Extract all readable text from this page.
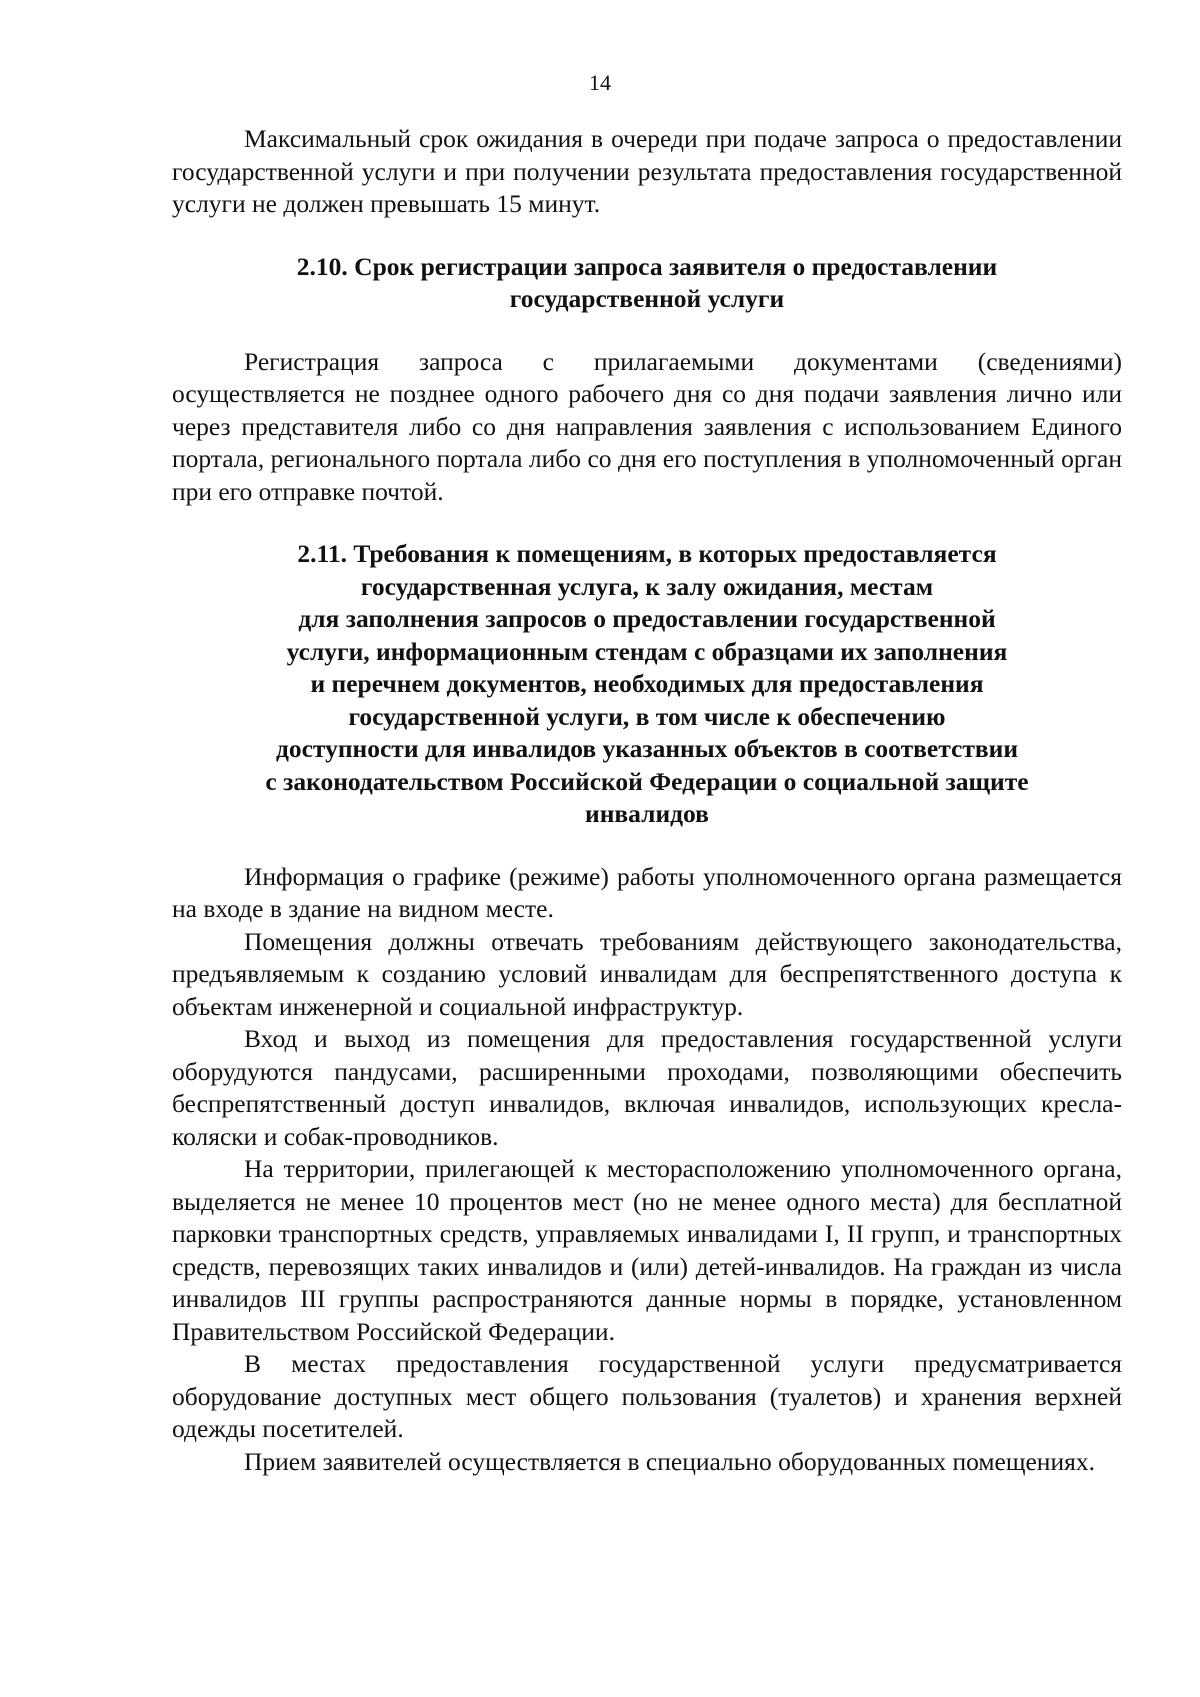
14

Максимальный срок ожидания в очереди при подаче запроса о предоставлении государственной услуги и при получении результата предоставления государственной услуги не должен превышать 15 минут.

2.10. Срок регистрации запроса заявителя о предоставлении
государственной услуги

Регистрация запроса с прилагаемыми документами (сведениями) осуществляется не позднее одного рабочего дня со дня подачи заявления лично или через представителя либо со дня направления заявления с использованием Единого портала, регионального портала либо со дня его поступления в уполномоченный орган при его отправке почтой.

2.11. Требования к помещениям, в которых предоставляется
государственная услуга, к залу ожидания, местам
для заполнения запросов о предоставлении государственной
услуги, информационным стендам с образцами их заполнения
и перечнем документов, необходимых для предоставления
государственной услуги, в том числе к обеспечению
доступности для инвалидов указанных объектов в соответствии
с законодательством Российской Федерации о социальной защите
инвалидов

Информация о графике (режиме) работы уполномоченного органа размещается на входе в здание на видном месте.

Помещения должны отвечать требованиям действующего законодательства, предъявляемым к созданию условий инвалидам для беспрепятственного доступа к объектам инженерной и социальной инфраструктур.

Вход и выход из помещения для предоставления государственной услуги оборудуются пандусами, расширенными проходами, позволяющими обеспечить беспрепятственный доступ инвалидов, включая инвалидов, использующих кресла-коляски и собак-проводников.

На территории, прилегающей к месторасположению уполномоченного органа, выделяется не менее 10 процентов мест (но не менее одного места) для бесплатной парковки транспортных средств, управляемых инвалидами I, II групп, и транспортных средств, перевозящих таких инвалидов и (или) детей-инвалидов. На граждан из числа инвалидов III группы распространяются данные нормы в порядке, установленном Правительством Российской Федерации.

В местах предоставления государственной услуги предусматривается оборудование доступных мест общего пользования (туалетов) и хранения верхней одежды посетителей.

Прием заявителей осуществляется в специально оборудованных помещениях.
